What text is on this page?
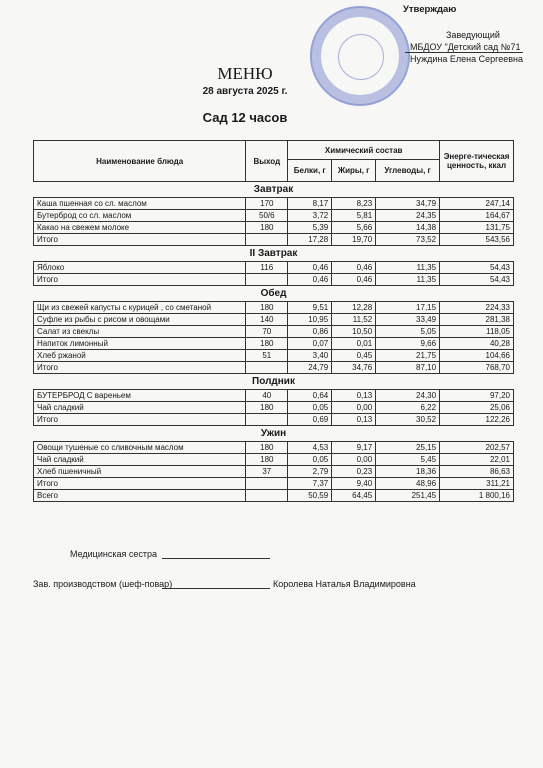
Утверждаю
Заведующий
МБДОУ "Детский сад №71
Нуждина Елена Сергеевна
МЕНЮ
28 августа 2025 г.
Сад 12 часов
Наименование блюда	Выход	Химический состав			Энерге-тическая ценность, ккал
		Белки, г	Жиры, г	Углеводы, г	
Завтрак					
Каша пшенная со сл. маслом	170	8,17	8,23	34,79	247,14
Бутерброд со сл. маслом	50/6	3,72	5,81	24,35	164,67
Какао на свежем молоке	180	5,39	5,66	14,38	131,75
Итого		17,28	19,70	73,52	543,56
II Завтрак					
Яблоко	116	0,46	0,46	11,35	54,43
Итого		0,46	0,46	11,35	54,43
Обед					
Щи из свежей капусты с курицей , со сметаной	180	9,51	12,28	17,15	224,33
Суфле из рыбы с рисом и овощами	140	10,95	11,52	33,49	281,38
Салат из свеклы	70	0,86	10,50	5,05	118,05
Напиток лимонный	180	0,07	0,01	9,66	40,28
Хлеб ржаной	51	3,40	0,45	21,75	104,66
Итого		24,79	34,76	87,10	768,70
Полдник					
БУТЕРБРОД С вареньем	40	0,64	0,13	24,30	97,20
Чай сладкий	180	0,05	0,00	6,22	25,06
Итого		0,69	0,13	30,52	122,26
Ужин					
Овощи тушеные со сливочным маслом	180	4,53	9,17	25,15	202,57
Чай сладкий	180	0,05	0,00	5,45	22,01
Хлеб пшеничный	37	2,79	0,23	18,36	86,63
Итого		7,37	9,40	48,96	311,21
Всего		50,59	64,45	251,45	1 800,16
Медицинская сестра
Зав. производством (шеф-повар)	Королева Наталья Владимировна
